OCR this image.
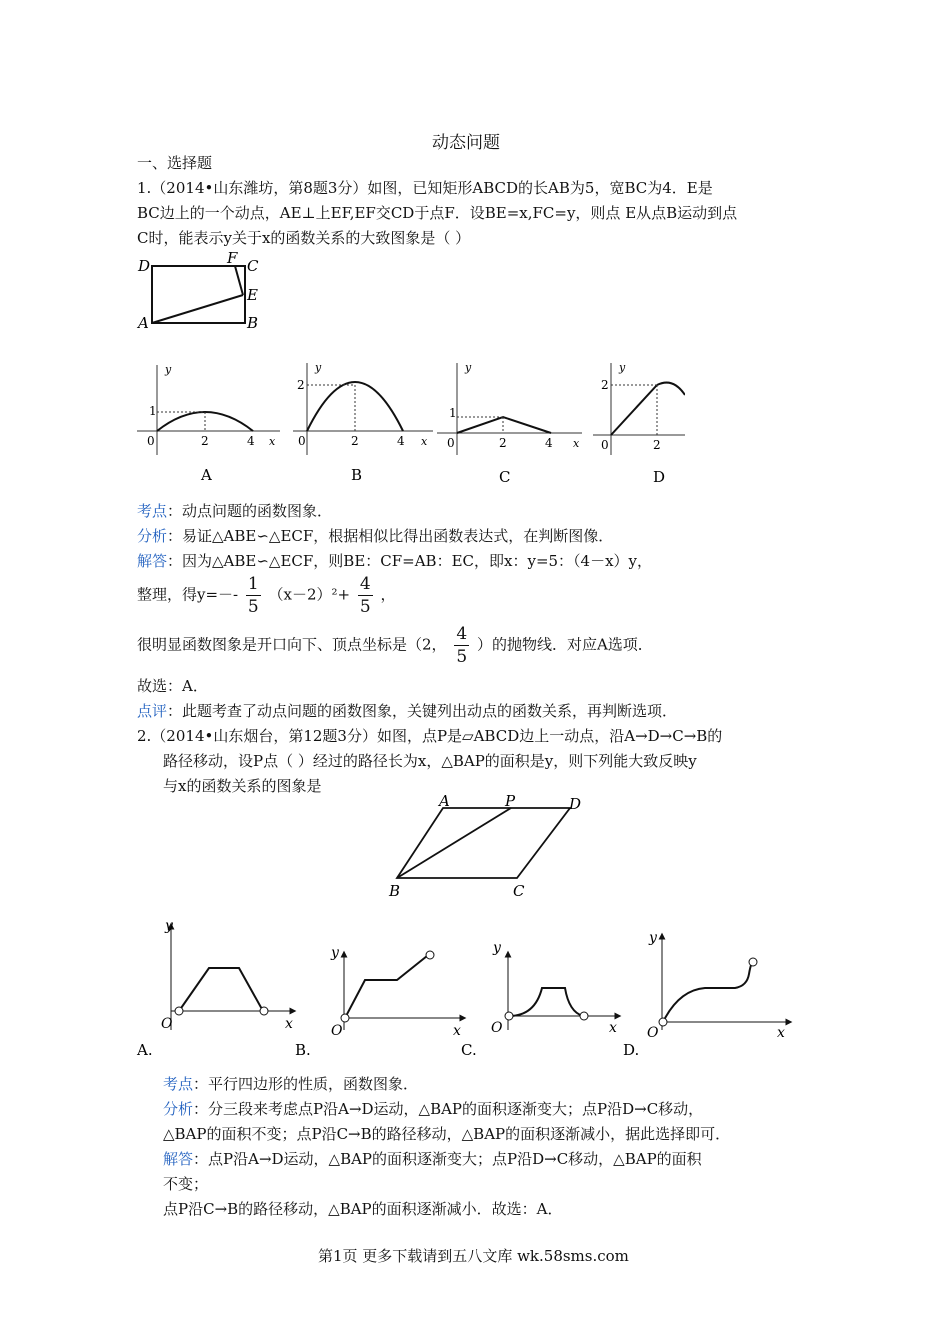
动态问题
一、选择题
1.（2014•山东潍坊，第8题3分）如图，已知矩形ABCD的长AB为5，宽BC为4．E是
BC边上的一个动点，AE⊥上EF,EF交CD于点F．设BE=x,FC=y，则点 E从点B运动到点
C时，能表示y关于x的函数关系的大致图象是（ ）
D	F C
E
A	B
y
x
0
1
2	4
A
y
x
0
2
2	4
B
y
x
0
1
2	4
C
y
0
2
2
D
考点：动点问题的函数图象．
分析：易证△ABE∽△ECF，根据相似比得出函数表达式，在判断图像．
解答：因为△ABE∽△ECF，则BE：CF=AB：EC，即x：y=5：（4－x）y，
整理，得$y=-- \frac{1}{5} (x-2)^2+ \frac{4}{5}$ ，
很明显函数图象是开口向下、顶点坐标是（2， $\frac{4}{5}$ ）的抛物线．对应A选项．
故选：A．
点评：此题考查了动点问题的函数图象，关键列出动点的函数关系，再判断选项．
2.（2014•山东烟台，第12题3分）如图，点P是▱ABCD边上一动点，沿A→D→C→B的
路径移动，设P点（ ）经过的路径长为x，△BAP的面积是y，则下列能大致反映y
与x的函数关系的图象是
A	P	D
B	C
y
x
O
A.
y
x
O
B.
y
x
O
C.
y
x
O
D.
考点：平行四边形的性质，函数图象．
分析：分三段来考虑点P沿A→D运动，△BAP的面积逐渐变大；点P沿D→C移动，
△BAP的面积不变；点P沿C→B的路径移动，△BAP的面积逐渐减小，据此选择即可．
解答：点P沿A→D运动，△BAP的面积逐渐变大；点P沿D→C移动，△BAP的面积
不变；
点P沿C→B的路径移动，△BAP的面积逐渐减小．故选：A．
第1页 更多下载请到五八文库 wk.58sms.com
